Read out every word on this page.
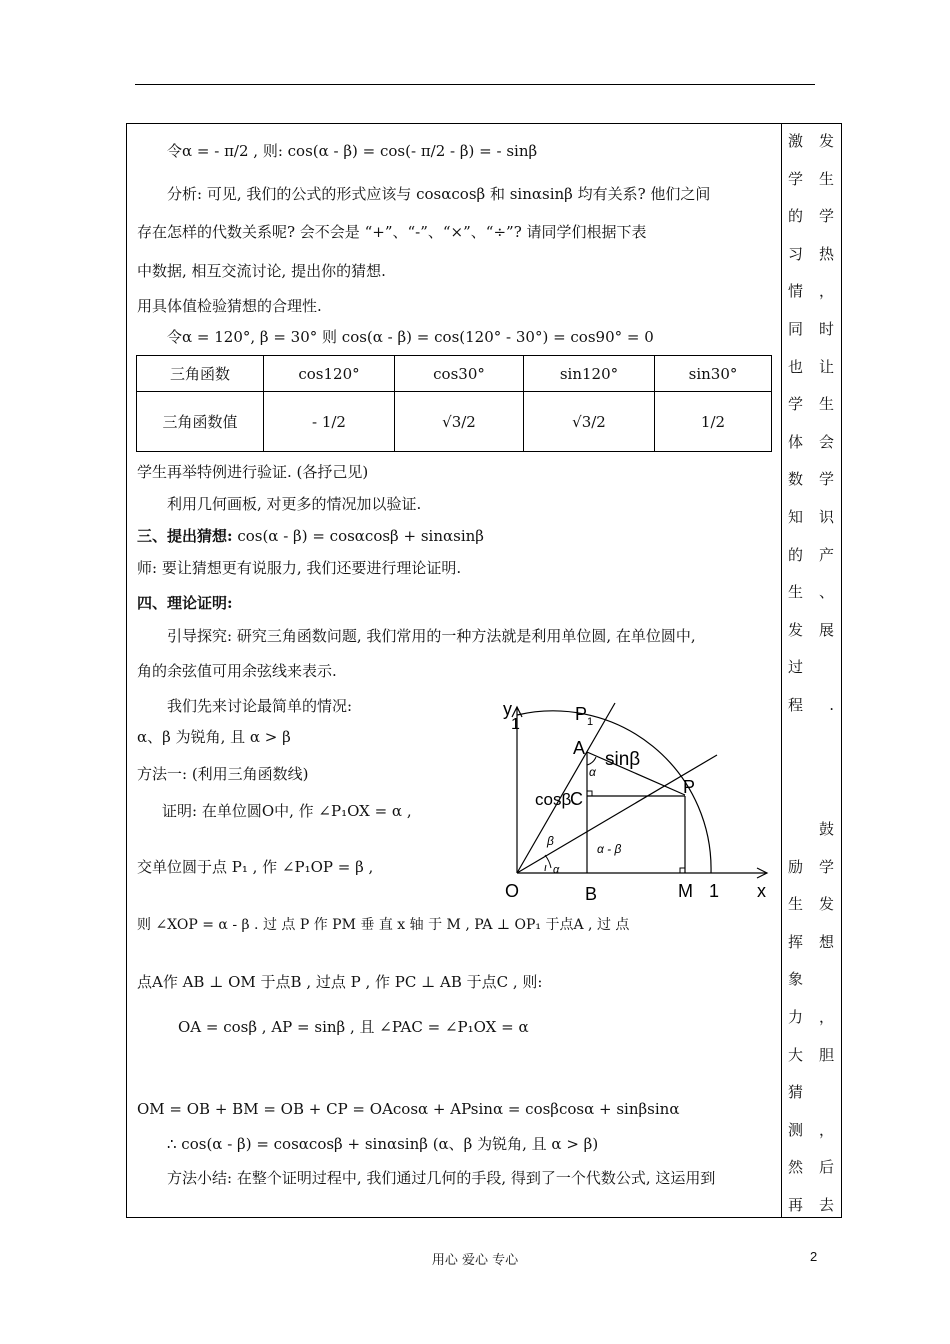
激发
学生
的学
习热
情，
同时
也让
学生
体会
数学
知识
的产
生、
发展
过
程.
鼓
励学
生发
挥想
象
力，
大胆
猜
测，
然后
再去
令α = - π/2 , 则: cos(α - β) = cos(- π/2 - β) = - sinβ
分析: 可见, 我们的公式的形式应该与 cosαcosβ 和 sinαsinβ 均有关系? 他们之间
存在怎样的代数关系呢? 会不会是 “+”、“-”、“×”、“÷”? 请同学们根据下表
中数据, 相互交流讨论, 提出你的猜想.
用具体值检验猜想的合理性.
令α = 120°, β = 30° 则 cos(α - β) = cos(120° - 30°) = cos90° = 0
三角函数	cos120°	cos30°	sin120°	sin30°
三角函数值	- 1/2	√3/2	√3/2	1/2
学生再举特例进行验证. (各抒己见)
利用几何画板, 对更多的情况加以验证.
三、提出猜想: cos(α - β) = cosαcosβ + sinαsinβ
师: 要让猜想更有说服力, 我们还要进行理论证明.
四、理论证明:
引导探究: 研究三角函数问题, 我们常用的一种方法就是利用单位圆, 在单位圆中,
角的余弦值可用余弦线来表示.
我们先来讨论最简单的情况:
α、β 为锐角, 且 α > β
方法一: (利用三角函数线)
证明: 在单位圆O中, 作 ∠P₁OX = α ,
交单位圆于点 P₁ , 作 ∠P₁OP = β ,
则 ∠XOP = α - β . 过 点 P 作 PM 垂 直 x 轴 于 M , PA ⊥ OP₁ 于点A , 过 点
点A作 AB ⊥ OM 于点B , 过点 P , 作 PC ⊥ AB 于点C , 则:
OA = cosβ , AP = sinβ , 且 ∠PAC = ∠P₁OX = α
OM = OB + BM = OB + CP = OAcosα + APsinα = cosβcosα + sinβsinα
∴ cos(α - β) = cosαcosβ + sinαsinβ (α、β 为锐角, 且 α > β)
方法小结: 在整个证明过程中, 我们通过几何的手段, 得到了一个代数公式, 这运用到
y
1
P 1
A
sinβ
cosβ
C
P
α
β
α - β
α
O	B	M 1 x
用心 爱心 专心	2
